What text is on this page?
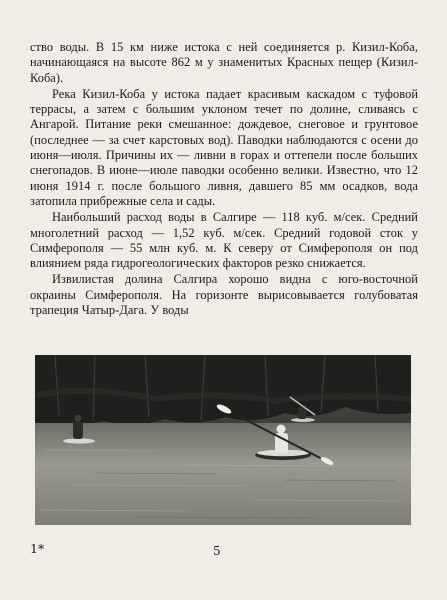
ство воды. В 15 км ниже истока с ней соединяется р. Кизил-Коба, начинающаяся на высоте 862 м у знаменитых Красных пещер (Кизил-Коба).

Река Кизил-Коба у истока падает красивым каскадом с туфовой террасы, а затем с большим уклоном течет по долине, сливаясь с Ангарой. Питание реки смешанное: дождевое, снеговое и грунтовое (последнее — за счет карстовых вод). Паводки наблюдаются с осени до июня—июля. Причины их — ливни в горах и оттепели после больших снегопадов. В июне—июле паводки особенно велики. Известно, что 12 июня 1914 г. после большого ливня, давшего 85 мм осадков, вода затопила прибрежные села и сады.

Наибольший расход воды в Салгире — 118 куб. м/сек. Средний многолетний расход — 1,52 куб. м/сек. Средний годовой сток у Симферополя — 55 млн куб. м. К северу от Симферополя он под влиянием ряда гидрогеологических факторов резко снижается.

Извилистая долина Салгира хорошо видна с юго-восточной окраины Симферополя. На горизонте вырисовывается голубоватая трапеция Чатыр-Дага. У воды

1*	5
